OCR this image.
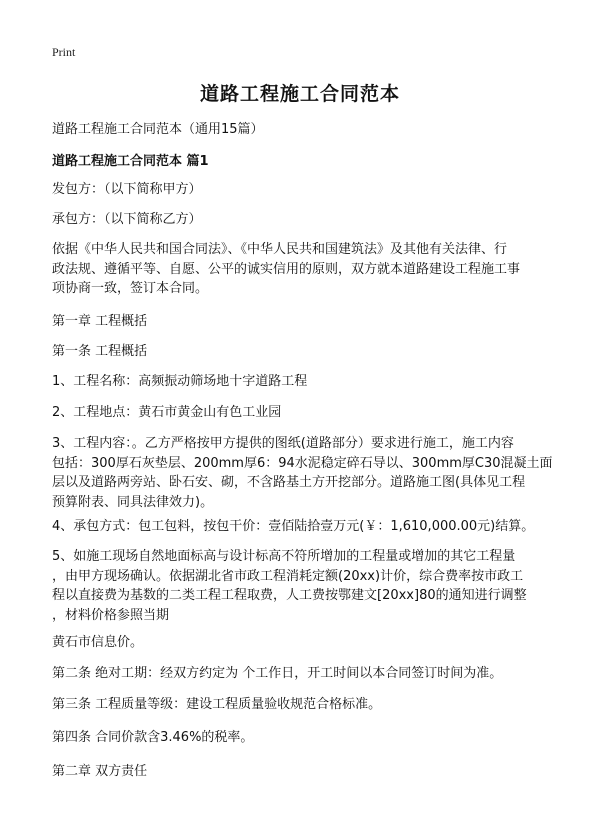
Print
道路工程施工合同范本
道路工程施工合同范本（通用15篇）
道路工程施工合同范本 篇1
发包方：（以下简称甲方）
承包方：（以下简称乙方）
依据《中华人民共和国合同法》、《中华人民共和国建筑法》及其他有关法律、行
政法规、遵循平等、自愿、公平的诚实信用的原则，双方就本道路建设工程施工事
项协商一致，签订本合同。
第一章 工程概括
第一条 工程概括
1、工程名称：高频振动筛场地十字道路工程
2、工程地点：黄石市黄金山有色工业园
3、工程内容：。乙方严格按甲方提供的图纸(道路部分）要求进行施工，施工内容
包括：300厚石灰垫层、200mm厚6：94水泥稳定碎石导以、300mm厚C30混凝土面
层以及道路两旁站、卧石安、砌，不含路基土方开挖部分。道路施工图(具体见工程
预算附表、同具法律效力)。
4、承包方式：包工包料，按包干价：壹佰陆拾壹万元(￥：1,610,000.00元)结算。
5、如施工现场自然地面标高与设计标高不符所增加的工程量或增加的其它工程量
，由甲方现场确认。依据湖北省市政工程消耗定额(20xx)计价，综合费率按市政工
程以直接费为基数的二类工程工程取费，人工费按鄂建文[20xx]80的通知进行调整
，材料价格参照当期
黄石市信息价。
第二条 绝对工期：经双方约定为 个工作日，开工时间以本合同签订时间为准。
第三条 工程质量等级：建设工程质量验收规范合格标准。
第四条 合同价款含3.46%的税率。
第二章 双方责任
